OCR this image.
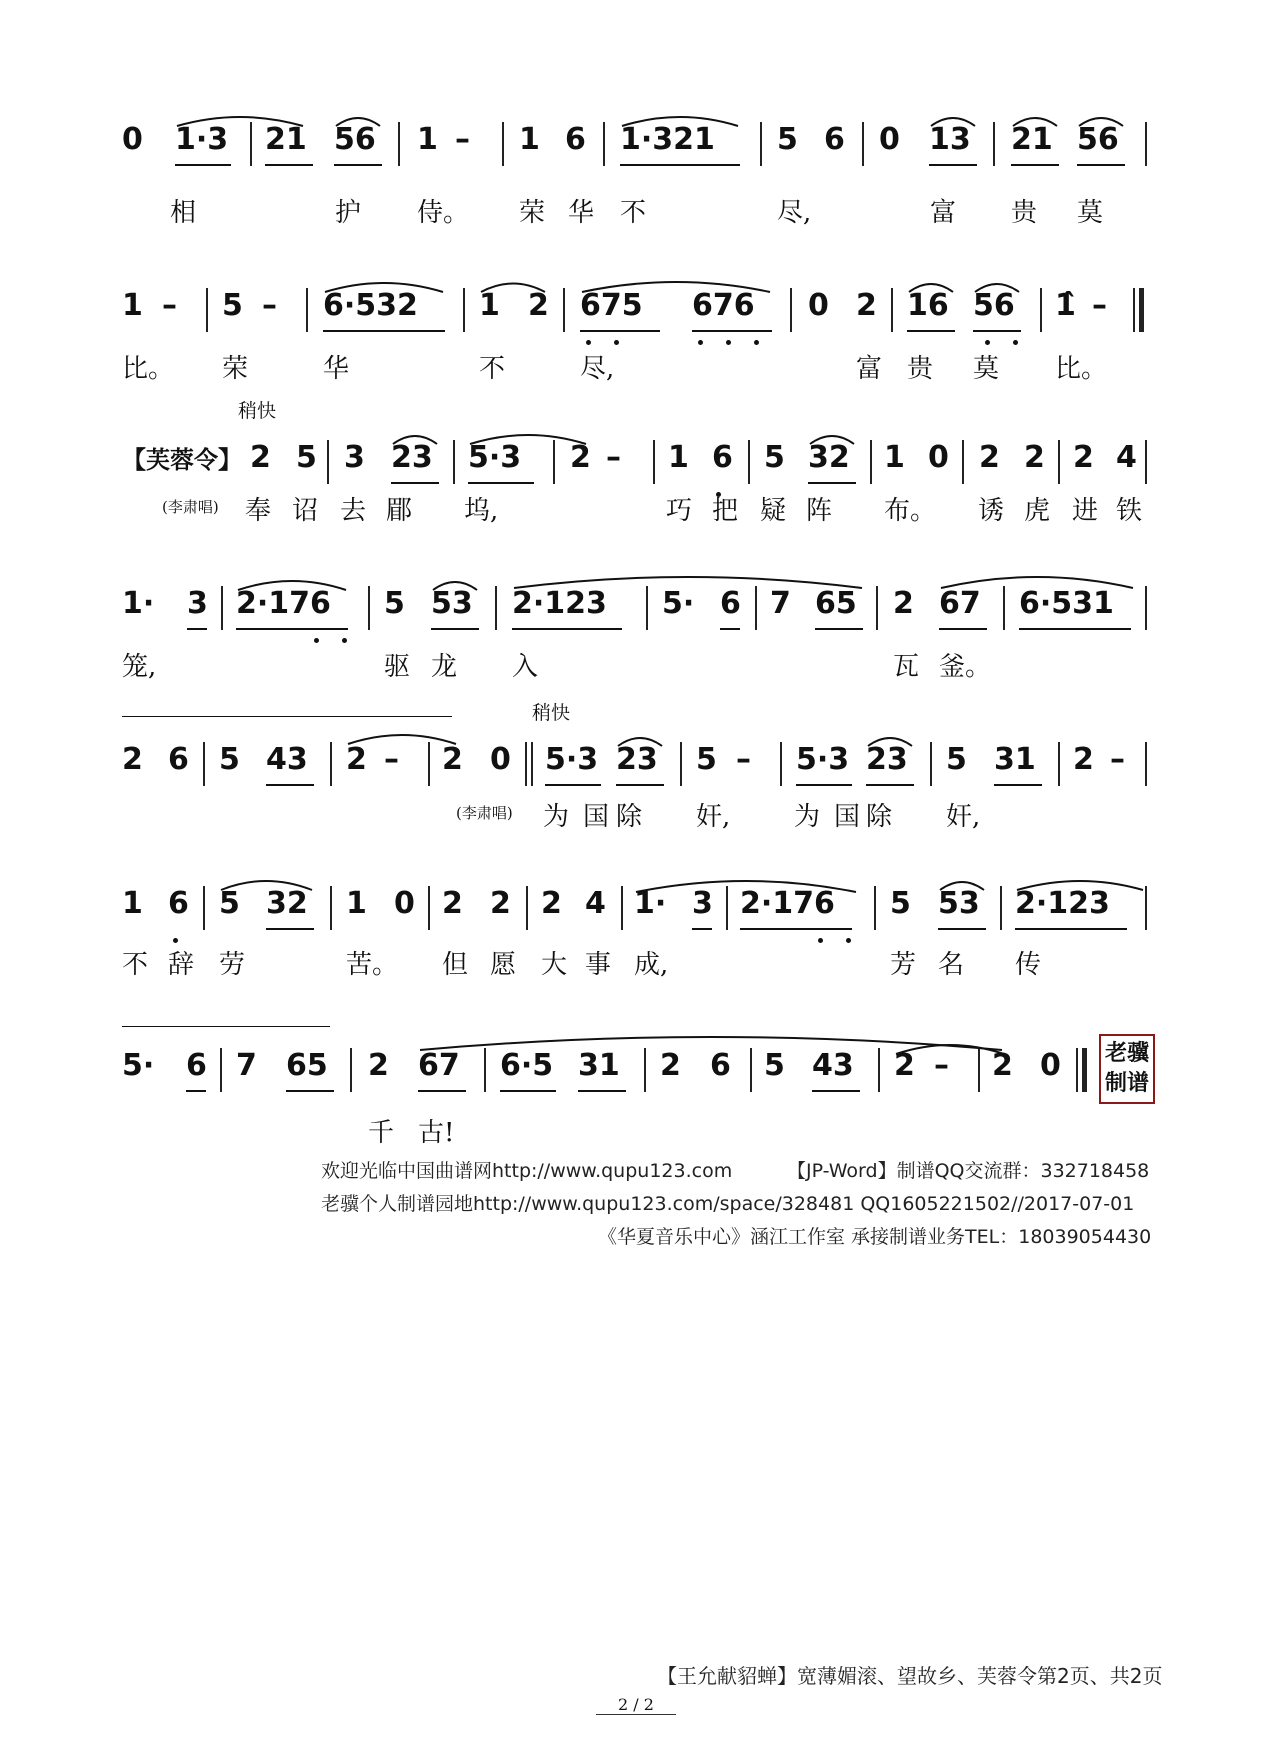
0 1·3 21 56 1 – 1 6 1·321 5 6 0 13 21 56
相	护 侍。 荣 华 不	尽,	富 贵 莫
1 – 5 – 6·532 1 2 675 676 0 2 16 56 1̂ –
比。 荣	华	不	尽,	富 贵 莫 比。
稍快
【芙蓉令】 2 5 3 23 5·3 2 – 1 6 5 32 1 0 2 2 2 4
(李肃唱) 奉 诏 去 郿 坞,	巧 把 疑 阵 布。 诱 虎 进 铁
1· 3 2·176 5 53 2·123 5· 6 7 65 2 67 6·531
笼,	驱 龙 入	瓦 釜。
稍快
2 6 5 43 2 – 2 0 5·3 23 5 – 5·3 23 5 31 2 –
(李肃唱) 为 国 除 奸, 为 国 除 奸,
1 6 5 32 1 0 2 2 2 4 1· 3 2·176 5 53 2·123
不 辞 劳	苦。 但 愿 大 事 成,	芳 名 传
5· 6 7 65 2 67 6·5 31 2 6 5 43 2 – 2 0
千 古!
老骥
制谱
欢迎光临中国曲谱网http://www.qupu123.com	【JP-Word】制谱QQ交流群：332718458
老骥个人制谱园地http://www.qupu123.com/space/328481 QQ1605221502//2017-07-01
《华夏音乐中心》涵江工作室 承接制谱业务TEL：18039054430
【王允献貂蝉】宽薄媚滚、望故乡、芙蓉令第2页、共2页
2 / 2
